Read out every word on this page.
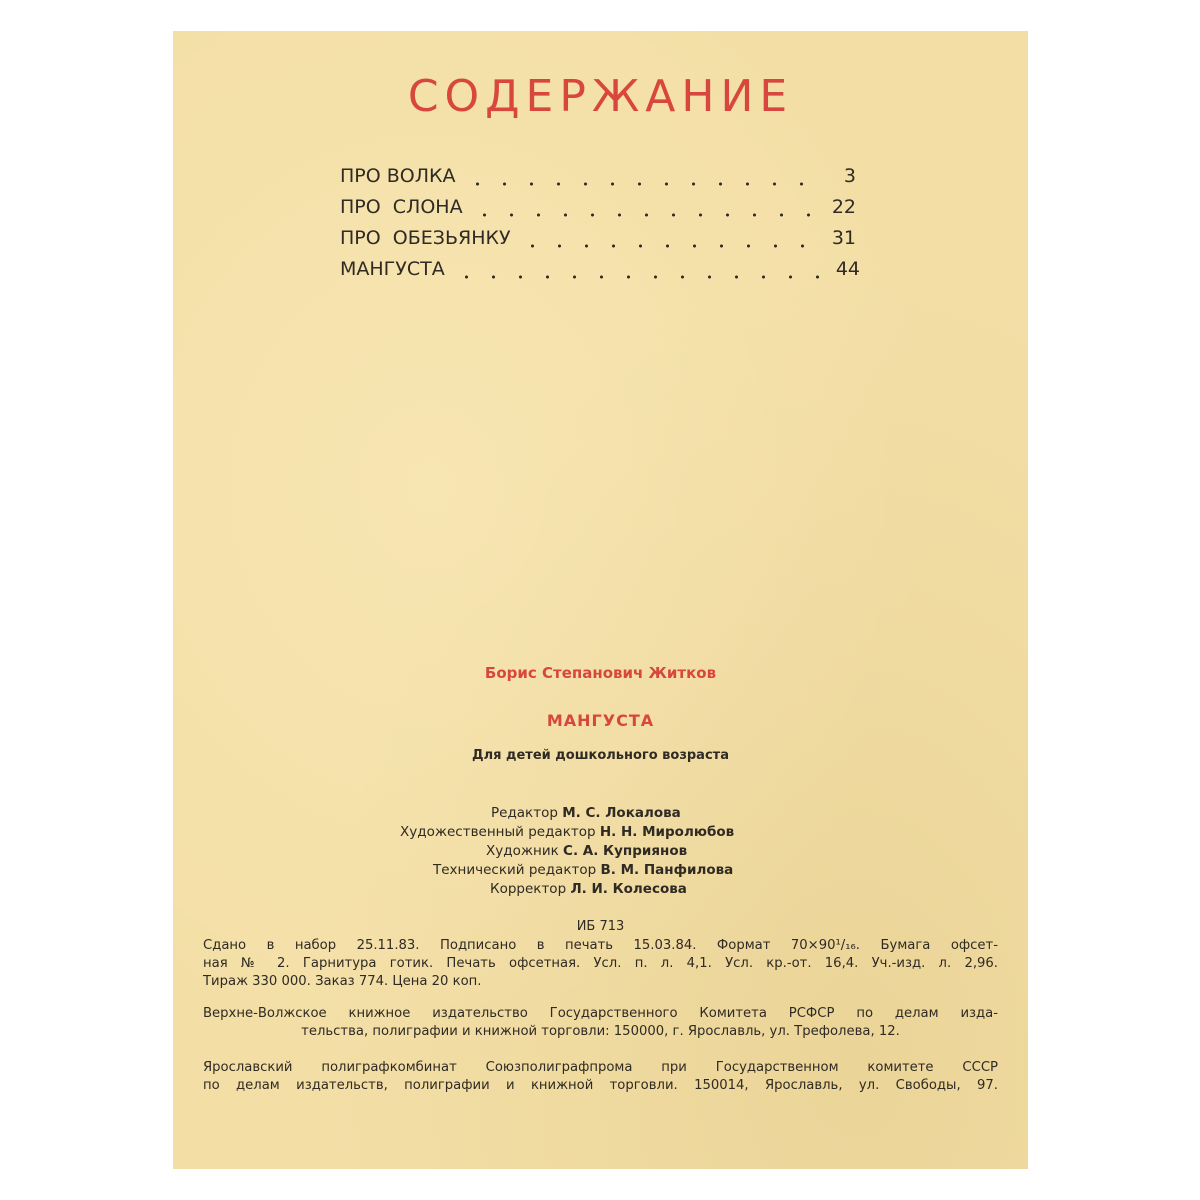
СОДЕРЖАНИЕ
ПРО ВОЛКА	3
ПРО  СЛОНА	22
ПРО  ОБЕЗЬЯНКУ	31
МАНГУСТА	44
Борис Степанович Житков
МАНГУСТА
Для детей дошкольного возраста
Редактор М. С. Локалова
Художественный редактор Н. Н. Миролюбов
Художник С. А. Куприянов
Технический редактор В. М. Панфилова
Корректор Л. И. Колесова
ИБ 713
Сдано в набор 25.11.83. Подписано в печать 15.03.84. Формат 70×90¹/₁₆. Бумага офсет-
ная № 2. Гарнитура готик. Печать офсетная. Усл. п. л. 4,1. Усл. кр.-от. 16,4. Уч.-изд. л. 2,96.
Тираж 330 000. Заказ 774. Цена 20 коп.
Верхне-Волжское книжное издательство Государственного Комитета РСФСР по делам изда-
тельства, полиграфии и книжной торговли: 150000, г. Ярославль, ул. Трефолева, 12.
Ярославский полиграфкомбинат Союзполиграфпрома при Государственном комитете СССР
по делам издательств, полиграфии и книжной торговли. 150014, Ярославль, ул. Свободы, 97.
